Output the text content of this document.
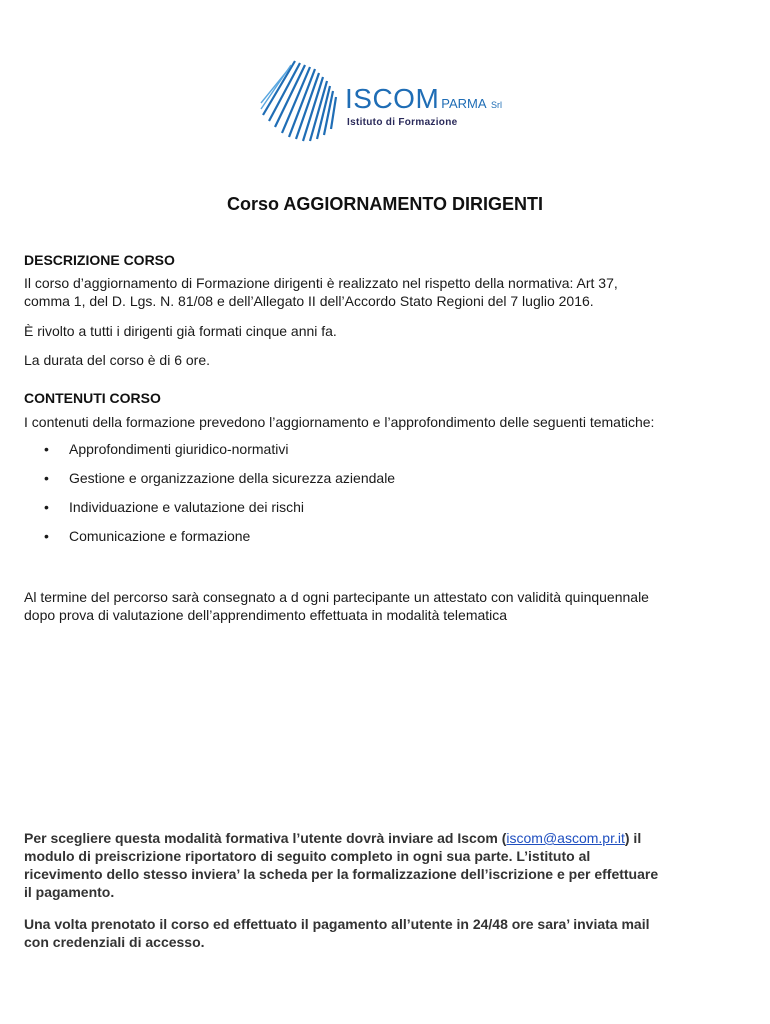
ISCOM PARMA Srl
Istituto di Formazione
Corso AGGIORNAMENTO DIRIGENTI
DESCRIZIONE CORSO
Il corso d’aggiornamento di Formazione dirigenti è realizzato nel rispetto della normativa: Art 37,
comma 1, del D. Lgs. N. 81/08 e dell’Allegato II dell’Accordo Stato Regioni del 7 luglio 2016.
È rivolto a tutti i dirigenti già formati cinque anni fa.
La durata del corso è di 6 ore.
CONTENUTI CORSO
I contenuti della formazione prevedono l’aggiornamento e l’approfondimento delle seguenti tematiche:
• Approfondimenti giuridico-normativi
• Gestione e organizzazione della sicurezza aziendale
• Individuazione e valutazione dei rischi
• Comunicazione e formazione
Al termine del percorso sarà consegnato a d ogni partecipante un attestato con validità quinquennale
dopo prova di valutazione dell’apprendimento effettuata in modalità telematica
Per scegliere questa modalità formativa l’utente dovrà inviare ad Iscom (iscom@ascom.pr.it) il
modulo di preiscrizione riportatoro di seguito completo in ogni sua parte. L’istituto al
ricevimento dello stesso inviera’ la scheda per la formalizzazione dell’iscrizione e per effettuare
il pagamento.
Una volta prenotato il corso ed effettuato il pagamento all’utente in 24/48 ore sara’ inviata mail
con credenziali di accesso.
